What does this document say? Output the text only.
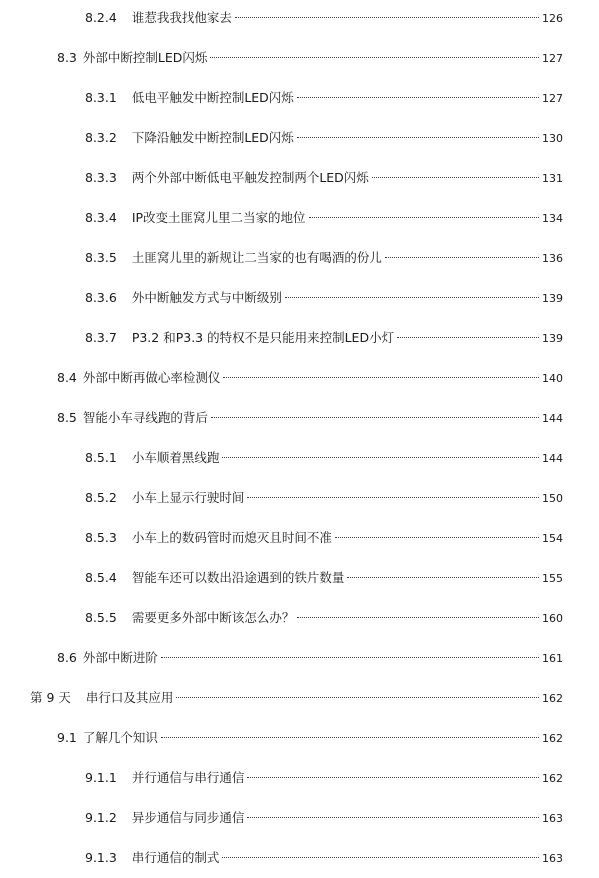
8.2.4 谁惹我我找他家去	126
8.3 外部中断控制LED闪烁	127
8.3.1 低电平触发中断控制LED闪烁	127
8.3.2 下降沿触发中断控制LED闪烁	130
8.3.3 两个外部中断低电平触发控制两个LED闪烁	131
8.3.4 IP改变土匪窝儿里二当家的地位	134
8.3.5 土匪窝儿里的新规让二当家的也有喝酒的份儿	136
8.3.6 外中断触发方式与中断级别	139
8.3.7 P3.2 和P3.3 的特权不是只能用来控制LED小灯	139
8.4 外部中断再做心率检测仪	140
8.5 智能小车寻线跑的背后	144
8.5.1 小车顺着黑线跑	144
8.5.2 小车上显示行驶时间	150
8.5.3 小车上的数码管时而熄灭且时间不准	154
8.5.4 智能车还可以数出沿途遇到的铁片数量	155
8.5.5 需要更多外部中断该怎么办？	160
8.6 外部中断进阶	161
第 9 天 串行口及其应用	162
9.1 了解几个知识	162
9.1.1 并行通信与串行通信	162
9.1.2 异步通信与同步通信	163
9.1.3 串行通信的制式	163
